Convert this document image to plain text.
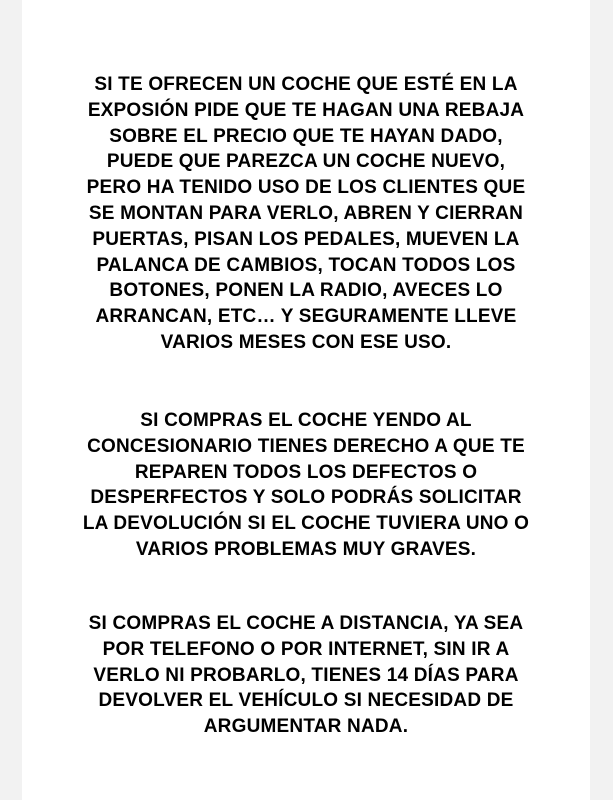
SI TE OFRECEN UN COCHE QUE ESTÉ EN LA
EXPOSIÓN PIDE QUE TE HAGAN UNA REBAJA
SOBRE EL PRECIO QUE TE HAYAN DADO,
PUEDE QUE PAREZCA UN COCHE NUEVO,
PERO HA TENIDO USO DE LOS CLIENTES QUE
SE MONTAN PARA VERLO, ABREN Y CIERRAN
PUERTAS, PISAN LOS PEDALES, MUEVEN LA
PALANCA DE CAMBIOS, TOCAN TODOS LOS
BOTONES, PONEN LA RADIO, AVECES LO
ARRANCAN, ETC… Y SEGURAMENTE LLEVE
VARIOS MESES CON ESE USO.

SI COMPRAS EL COCHE YENDO AL
CONCESIONARIO TIENES DERECHO A QUE TE
REPAREN TODOS LOS DEFECTOS O
DESPERFECTOS Y SOLO PODRÁS SOLICITAR
LA DEVOLUCIÓN SI EL COCHE TUVIERA UNO O
VARIOS PROBLEMAS MUY GRAVES.

SI COMPRAS EL COCHE A DISTANCIA, YA SEA
POR TELEFONO O POR INTERNET, SIN IR A
VERLO NI PROBARLO, TIENES 14 DÍAS PARA
DEVOLVER EL VEHÍCULO SI NECESIDAD DE
ARGUMENTAR NADA.
